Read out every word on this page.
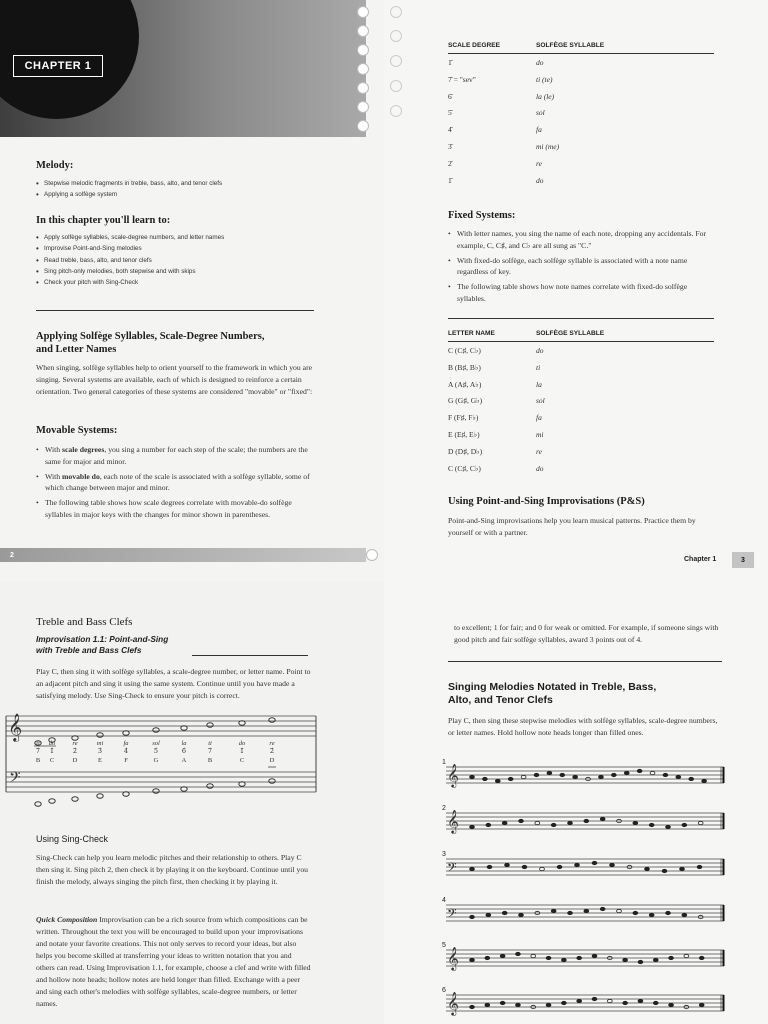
CHAPTER 1
Melody:
• Stepwise melodic fragments in treble, bass, alto, and tenor clefs
• Applying a solfège system
In this chapter you'll learn to:
• Apply solfège syllables, scale-degree numbers, and letter names
• Improvise Point-and-Sing melodies
• Read treble, bass, alto, and tenor clefs
• Sing pitch-only melodies, both stepwise and with skips
• Check your pitch with Sing-Check
Applying Solfège Syllables, Scale-Degree Numbers,
and Letter Names

When singing, solfège syllables help to orient yourself to the framework in which you are singing. Several systems are available, each of which is designed to reinforce a certain orientation. Two general categories of these systems are considered "movable" or "fixed":

Movable Systems:
• With scale degrees, you sing a number for each step of the scale; the numbers are the same for major and minor.
• With movable do, each note of the scale is associated with a solfège syllable, some of which change between major and minor.
• The following table shows how scale degrees correlate with movable-do solfège syllables in major keys with the changes for minor shown in parentheses.
2
SCALE DEGREE	SOLFÈGE SYLLABLE
1̂	do
7̂ = "sev"	ti (te)
6̂	la (le)
5̂	sol
4̂	fa
3̂	mi (me)
2̂	re
1̂	do
Fixed Systems:
• With letter names, you sing the name of each note, dropping any accidentals. For example, C, C♯, and C♭ are all sung as "C."
• With fixed-do solfège, each solfège syllable is associated with a note name regardless of key.
• The following table shows how note names correlate with fixed-do solfège syllables.
LETTER NAME	SOLFÈGE SYLLABLE
C (C♯, C♭)	do
B (B♯, B♭)	ti
A (A♯, A♭)	la
G (G♯, G♭)	sol
F (F♯, F♭)	fa
E (E♯, E♭)	mi
D (D♯, D♭)	re
C (C♯, C♭)	do
Using Point-and-Sing Improvisations (P&S)

Point-and-Sing improvisations help you learn musical patterns. Practice them by yourself or with a partner.

Chapter 1	3
Treble and Bass Clefs
Improvisation 1.1: Point-and-Sing
with Treble and Bass Clefs

Play C, then sing it with solfège syllables, a scale-degree number, or letter name. Point to an adjacent pitch and sing it using the same system. Continue until you have made a satisfying melody. Use Sing-Check to ensure your pitch is correct.

𝄞
𝄢
ti
7̂
B
do
1̂
C
re
2̂
D
mi
3̂
E
fa
4̂
F
sol
5̂
G
la
6̂
A
ti
7̂
B
do
1̂
C
re
2̂
D
Using Sing-Check

Sing-Check can help you learn melodic pitches and their relationship to others. Play C then sing it. Sing pitch 2, then check it by playing it on the keyboard. Continue until you finish the melody, always singing the pitch first, then checking it by playing it.

Quick Composition Improvisation can be a rich source from which compositions can be written. Throughout the text you will be encouraged to build upon your improvisations and notate your favorite creations. This not only serves to record your ideas, but also helps you become skilled at transferring your ideas to written notation that you and others can read. Using Improvisation 1.1, for example, choose a clef and write with filled and hollow note heads; hollow notes are held longer than filled. Exchange with a peer and sing each other's melodies with solfège syllables, scale-degree numbers, or letter names.

to excellent; 1 for fair; and 0 for weak or omitted. For example, if someone sings with good pitch and fair solfège syllables, award 3 points out of 4.

Singing Melodies Notated in Treble, Bass,
Alto, and Tenor Clefs

Play C, then sing these stepwise melodies with solfège syllables, scale-degree numbers, or letter names. Hold hollow note heads longer than filled ones.

1
𝄞
2
𝄞
3
𝄢
4
𝄢
5
𝄞
6
𝄞
